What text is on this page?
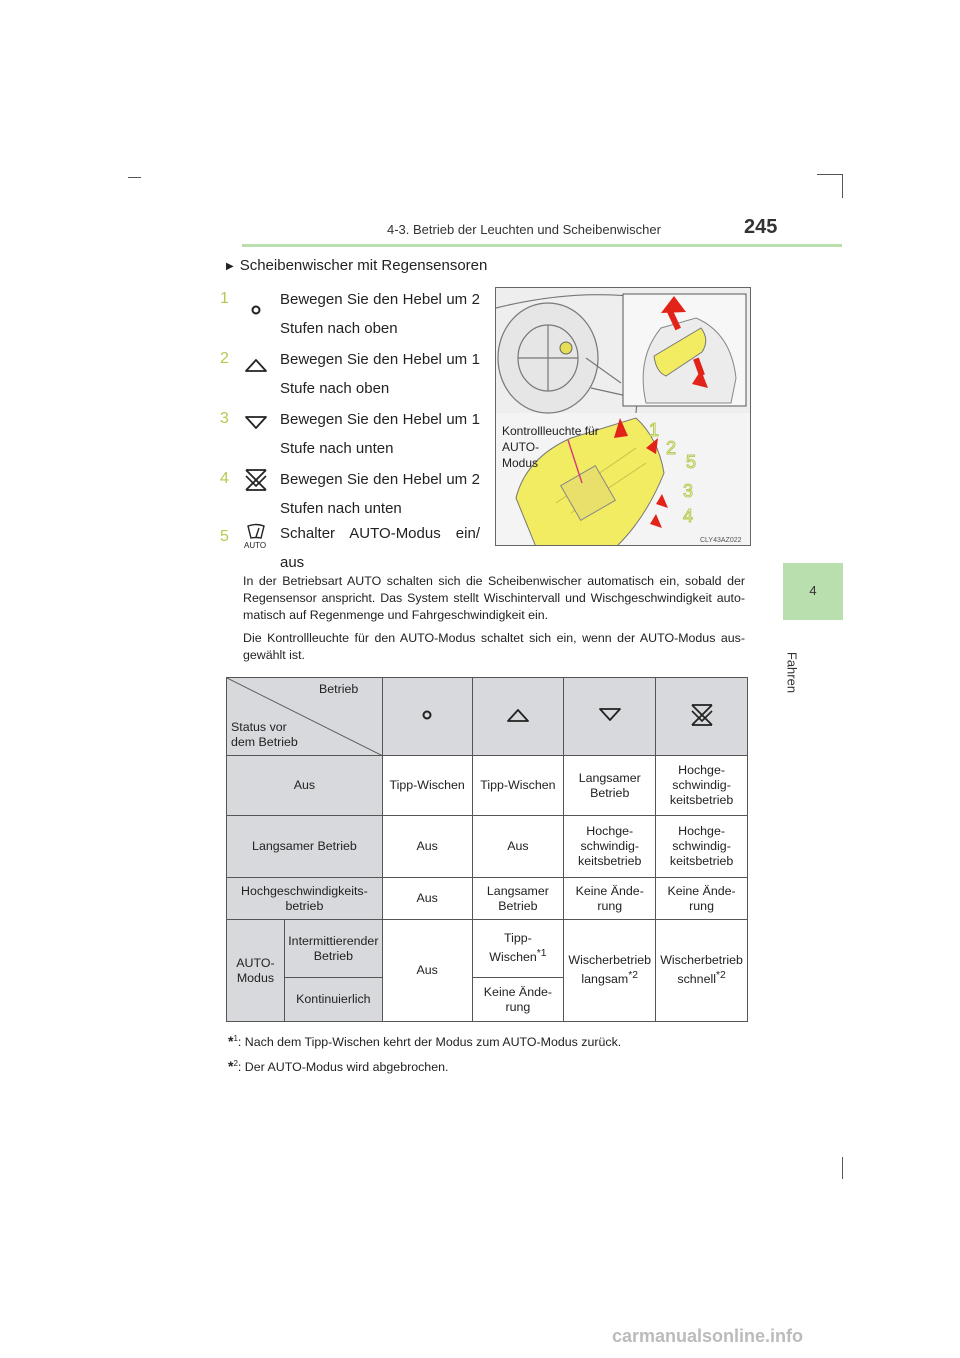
4-3. Betrieb der Leuchten und Scheibenwischer	245
4
Fahren
▶ Scheibenwischer mit Regensensoren
1	Bewegen Sie den Hebel um 2 Stufen nach oben
2	Bewegen Sie den Hebel um 1 Stufe nach oben
3	Bewegen Sie den Hebel um 1 Stufe nach unten
4	Bewegen Sie den Hebel um 2 Stufen nach unten
5
AUTO
Schalter AUTO-Modus ein/ aus
Kontrollleuchte für
AUTO-
Modus
1
2
5
3
4
CLY43AZ022
In der Betriebsart AUTO schalten sich die Scheibenwischer automatisch ein, sobald der Regensensor anspricht. Das System stellt Wischintervall und Wischgeschwindigkeit automatisch auf Regenmenge und Fahrgeschwindigkeit ein.
Die Kontrollleuchte für den AUTO-Modus schaltet sich ein, wenn der AUTO-Modus ausgewählt ist.
Betrieb
Status vor
dem Betrieb

Aus		Tipp-Wischen	Tipp-Wischen	Langsamer Betrieb	Hochgeschwindigkeitsbetrieb
Langsamer Betrieb		Aus	Aus	Hochgeschwindigkeitsbetrieb	Hochgeschwindigkeitsbetrieb
Hochgeschwindigkeitsbetrieb		Aus	Langsamer Betrieb	Keine Änderung	Keine Änderung
AUTO-Modus	Intermittierender Betrieb	Aus	Tipp-Wischen$^{*1}$	Wischerbetrieb langsam$^{*2}$	Wischerbetrieb schnell$^{*2}$
	Kontinuierlich		Keine Änderung		
*$^1$: Nach dem Tipp-Wischen kehrt der Modus zum AUTO-Modus zurück.
*$^2$: Der AUTO-Modus wird abgebrochen.
carmanualsonline.info
